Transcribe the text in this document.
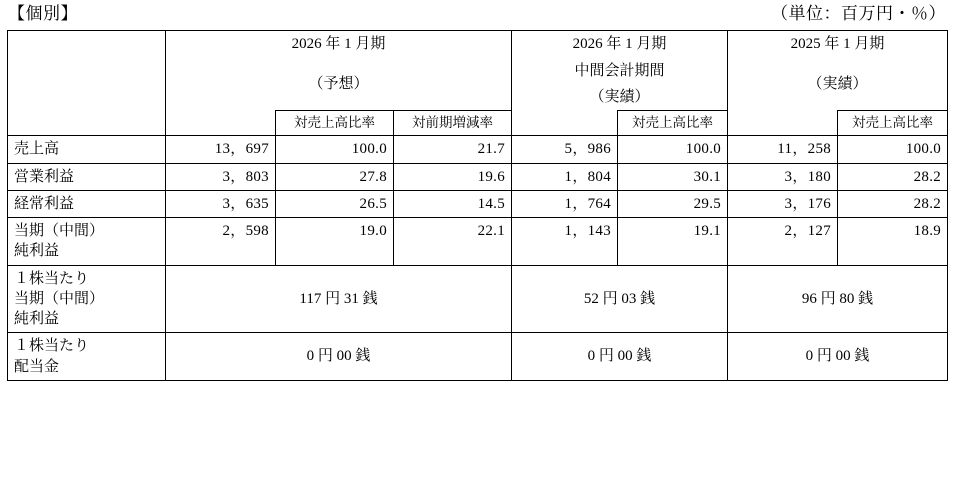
【個別】	（単位：百万円・％）
	2026 年 1 月期			2026 年 1 月期		2025 年 1 月期	
	（予想）			中間会計期間		（実績）	
				（実績）			
		対売上高比率	対前期増減率		対売上高比率		対売上高比率
売上高	13，697	100.0	21.7	5，986	100.0	11，258	100.0
営業利益	3，803	27.8	19.6	1，804	30.1	3，180	28.2
経常利益	3，635	26.5	14.5	1，764	29.5	3，176	28.2

当期（中間）
純利益	2，598	19.0	22.1	1，143	19.1	2，127	18.9

１株当たり
当期（中間）
純利益	117 円 31 銭			52 円 03 銭		96 円 80 銭	

１株当たり
配当金	0 円 00 銭			0 円 00 銭		0 円 00 銭	
